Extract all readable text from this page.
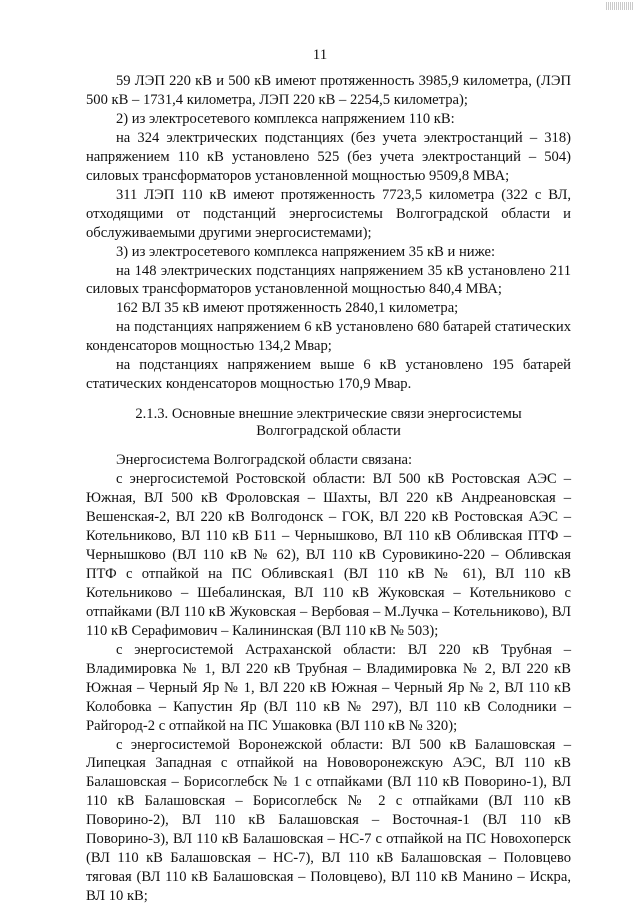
11

59 ЛЭП 220 кВ и 500 кВ имеют протяженность 3985,9 километра, (ЛЭП 500 кВ – 1731,4 километра, ЛЭП 220 кВ – 2254,5 километра);

2) из электросетевого комплекса напряжением 110 кВ:

на 324 электрических подстанциях (без учета электростанций – 318) напряжением 110 кВ установлено 525 (без учета электростанций – 504) силовых трансформаторов установленной мощностью 9509,8 МВА;

311 ЛЭП 110 кВ имеют протяженность 7723,5 километра (322 с ВЛ, отходящими от подстанций энергосистемы Волгоградской области и обслуживаемыми другими энергосистемами);

3) из электросетевого комплекса напряжением 35 кВ и ниже:

на 148 электрических подстанциях напряжением 35 кВ установлено 211 силовых трансформаторов установленной мощностью 840,4 МВА;

162 ВЛ 35 кВ имеют протяженность 2840,1 километра;

на подстанциях напряжением 6 кВ установлено 680 батарей статических конденсаторов мощностью 134,2 Мвар;

на подстанциях напряжением выше 6 кВ установлено 195 батарей статических конденсаторов мощностью 170,9 Мвар.

2.1.3. Основные внешние электрические связи энергосистемы
Волгоградской области

Энергосистема Волгоградской области связана:

с энергосистемой Ростовской области: ВЛ 500 кВ Ростовская АЭС – Южная, ВЛ 500 кВ Фроловская – Шахты, ВЛ 220 кВ Андреановская – Вешенская-2, ВЛ 220 кВ Волгодонск – ГОК, ВЛ 220 кВ Ростовская АЭС – Котельниково, ВЛ 110 кВ Б11 – Чернышково, ВЛ 110 кВ Обливская ПТФ – Чернышково (ВЛ 110 кВ № 62), ВЛ 110 кВ Суровикино-220 – Обливская ПТФ с отпайкой на ПС Обливская1 (ВЛ 110 кВ № 61), ВЛ 110 кВ Котельниково – Шебалинская, ВЛ 110 кВ Жуковская – Котельниково с отпайками (ВЛ 110 кВ Жуковская – Вербовая – М.Лучка – Котельниково), ВЛ 110 кВ Серафимович – Калининская (ВЛ 110 кВ № 503);

с энергосистемой Астраханской области: ВЛ 220 кВ Трубная – Владимировка № 1, ВЛ 220 кВ Трубная – Владимировка № 2, ВЛ 220 кВ Южная – Черный Яр № 1, ВЛ 220 кВ Южная – Черный Яр № 2, ВЛ 110 кВ Колобовка – Капустин Яр (ВЛ 110 кВ № 297), ВЛ 110 кВ Солодники – Райгород-2 с отпайкой на ПС Ушаковка (ВЛ 110 кВ № 320);

с энергосистемой Воронежской области: ВЛ 500 кВ Балашовская – Липецкая Западная с отпайкой на Нововоронежскую АЭС, ВЛ 110 кВ Балашовская – Борисоглебск № 1 с отпайками (ВЛ 110 кВ Поворино-1), ВЛ 110 кВ Балашовская – Борисоглебск № 2 с отпайками (ВЛ 110 кВ Поворино-2), ВЛ 110 кВ Балашовская – Восточная-1 (ВЛ 110 кВ Поворино-3), ВЛ 110 кВ Балашовская – НС-7 с отпайкой на ПС Новохоперск (ВЛ 110 кВ Балашовская – НС-7), ВЛ 110 кВ Балашовская – Половцево тяговая (ВЛ 110 кВ Балашовская – Половцево), ВЛ 110 кВ Манино – Искра, ВЛ 10 кВ;
